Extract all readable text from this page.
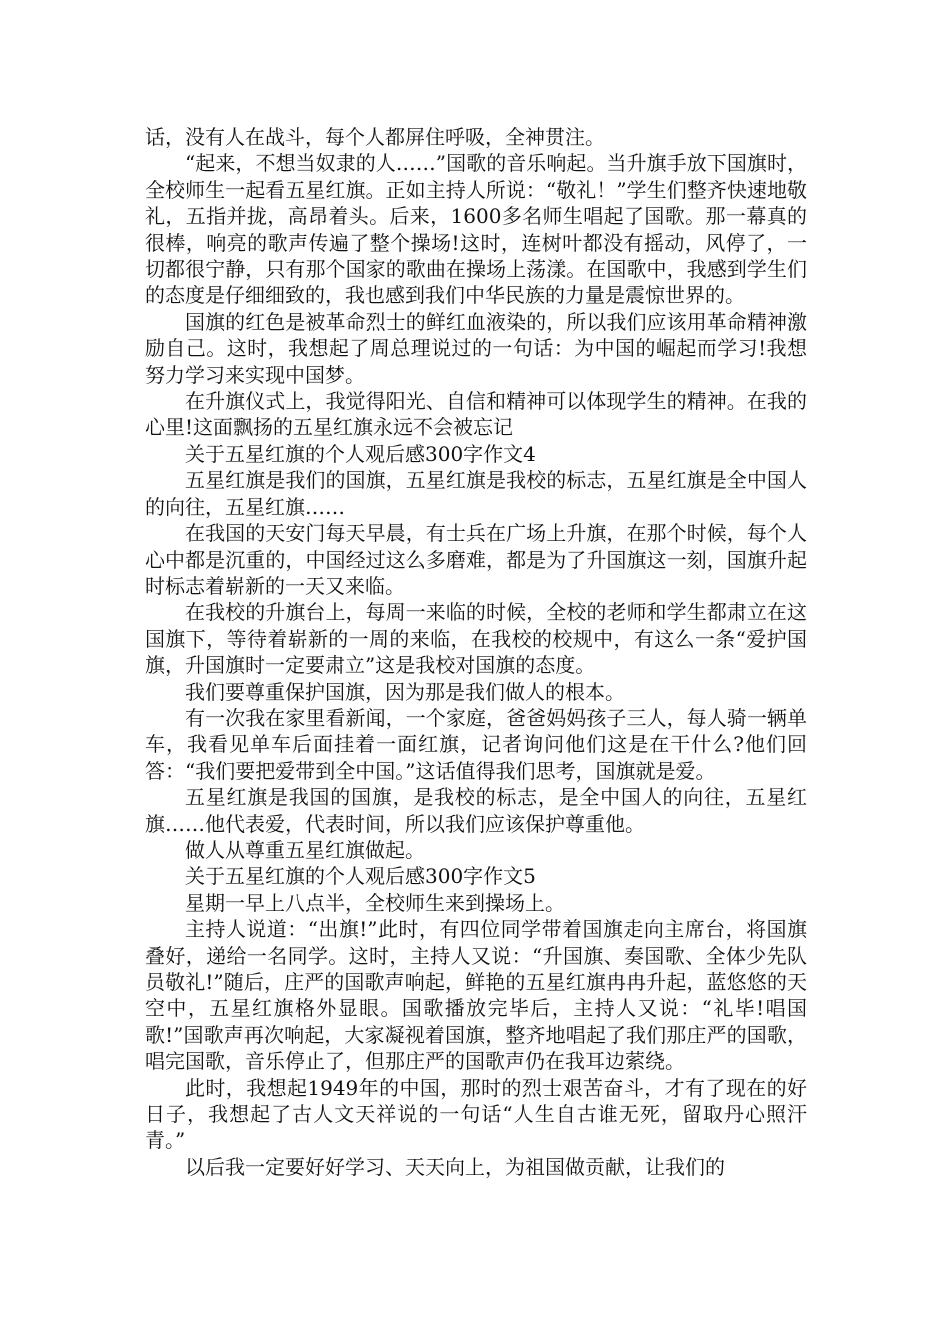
话，没有人在战斗，每个人都屏住呼吸，全神贯注。

“起来，不想当奴隶的人……”国歌的音乐响起。当升旗手放下国旗时，全校师生一起看五星红旗。正如主持人所说：“敬礼！”学生们整齐快速地敬礼，五指并拢，高昂着头。后来，1600多名师生唱起了国歌。那一幕真的很棒，响亮的歌声传遍了整个操场!这时，连树叶都没有摇动，风停了，一切都很宁静，只有那个国家的歌曲在操场上荡漾。在国歌中，我感到学生们的态度是仔细细致的，我也感到我们中华民族的力量是震惊世界的。

国旗的红色是被革命烈士的鲜红血液染的，所以我们应该用革命精神激励自己。这时，我想起了周总理说过的一句话：为中国的崛起而学习!我想努力学习来实现中国梦。

在升旗仪式上，我觉得阳光、自信和精神可以体现学生的精神。在我的心里!这面飘扬的五星红旗永远不会被忘记

关于五星红旗的个人观后感300字作文4

五星红旗是我们的国旗，五星红旗是我校的标志，五星红旗是全中国人的向往，五星红旗……

在我国的天安门每天早晨，有士兵在广场上升旗，在那个时候，每个人心中都是沉重的，中国经过这么多磨难，都是为了升国旗这一刻，国旗升起时标志着崭新的一天又来临。

在我校的升旗台上，每周一来临的时候，全校的老师和学生都肃立在这国旗下，等待着崭新的一周的来临，在我校的校规中，有这么一条“爱护国旗，升国旗时一定要肃立”这是我校对国旗的态度。

我们要尊重保护国旗，因为那是我们做人的根本。

有一次我在家里看新闻，一个家庭，爸爸妈妈孩子三人，每人骑一辆单车，我看见单车后面挂着一面红旗，记者询问他们这是在干什么?他们回答：“我们要把爱带到全中国。”这话值得我们思考，国旗就是爱。

五星红旗是我国的国旗，是我校的标志，是全中国人的向往，五星红旗……他代表爱，代表时间，所以我们应该保护尊重他。

做人从尊重五星红旗做起。

关于五星红旗的个人观后感300字作文5

星期一早上八点半，全校师生来到操场上。

主持人说道：“出旗!”此时，有四位同学带着国旗走向主席台，将国旗叠好，递给一名同学。这时，主持人又说：“升国旗、奏国歌、全体少先队员敬礼!”随后，庄严的国歌声响起，鲜艳的五星红旗冉冉升起，蓝悠悠的天空中，五星红旗格外显眼。国歌播放完毕后，主持人又说：“礼毕!唱国歌!”国歌声再次响起，大家凝视着国旗，整齐地唱起了我们那庄严的国歌，唱完国歌，音乐停止了，但那庄严的国歌声仍在我耳边萦绕。

此时，我想起1949年的中国，那时的烈士艰苦奋斗，才有了现在的好日子，我想起了古人文天祥说的一句话“人生自古谁无死，留取丹心照汗青。”

以后我一定要好好学习、天天向上，为祖国做贡献，让我们的
